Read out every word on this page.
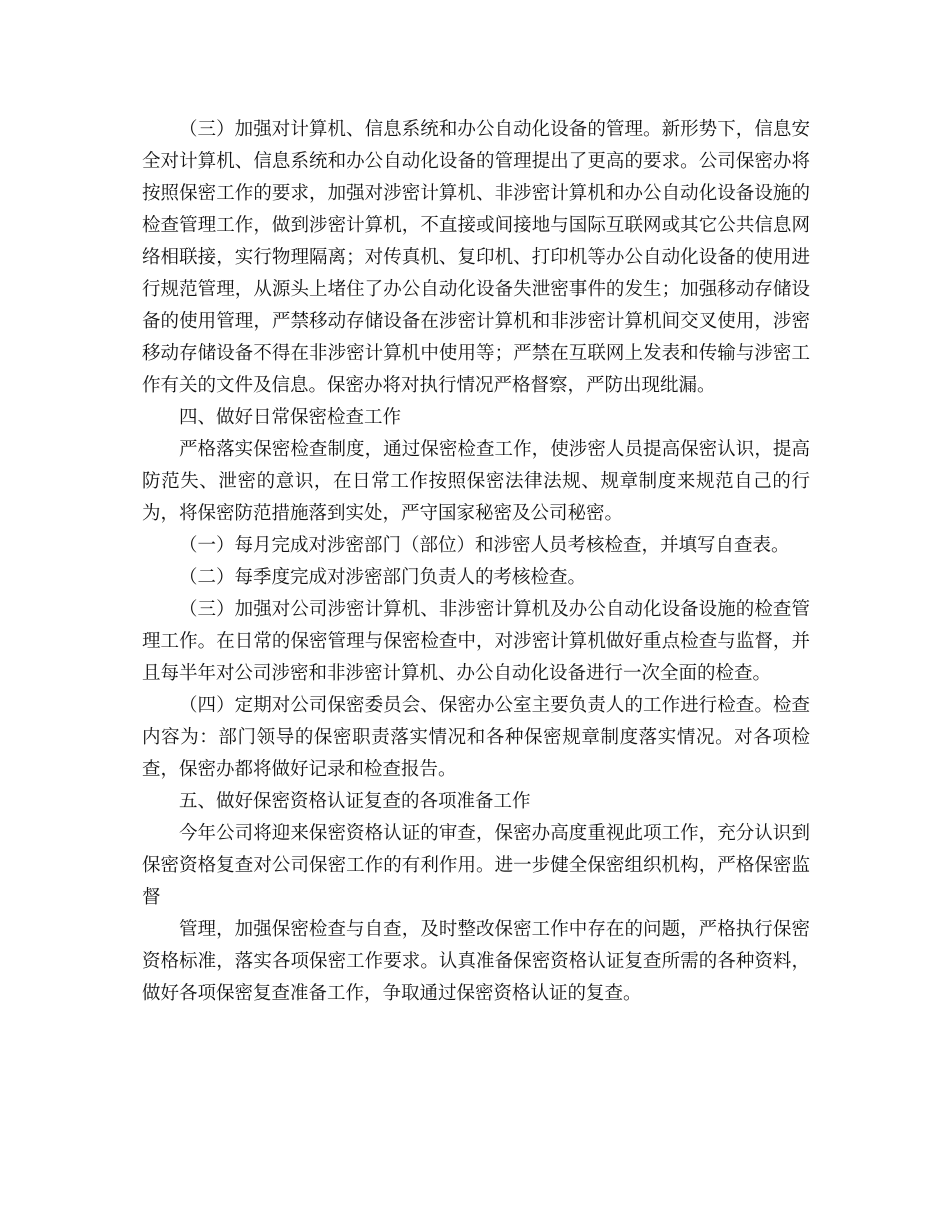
（三）加强对计算机、信息系统和办公自动化设备的管理。新形势下，信息安全对计算机、信息系统和办公自动化设备的管理提出了更高的要求。公司保密办将按照保密工作的要求，加强对涉密计算机、非涉密计算机和办公自动化设备设施的检查管理工作，做到涉密计算机，不直接或间接地与国际互联网或其它公共信息网络相联接，实行物理隔离；对传真机、复印机、打印机等办公自动化设备的使用进行规范管理，从源头上堵住了办公自动化设备失泄密事件的发生；加强移动存储设备的使用管理，严禁移动存储设备在涉密计算机和非涉密计算机间交叉使用，涉密移动存储设备不得在非涉密计算机中使用等；严禁在互联网上发表和传输与涉密工作有关的文件及信息。保密办将对执行情况严格督察，严防出现纰漏。

四、做好日常保密检查工作

严格落实保密检查制度，通过保密检查工作，使涉密人员提高保密认识，提高防范失、泄密的意识，在日常工作按照保密法律法规、规章制度来规范自己的行为，将保密防范措施落到实处，严守国家秘密及公司秘密。

（一）每月完成对涉密部门（部位）和涉密人员考核检查，并填写自查表。

（二）每季度完成对涉密部门负责人的考核检查。

（三）加强对公司涉密计算机、非涉密计算机及办公自动化设备设施的检查管理工作。在日常的保密管理与保密检查中，对涉密计算机做好重点检查与监督，并且每半年对公司涉密和非涉密计算机、办公自动化设备进行一次全面的检查。

（四）定期对公司保密委员会、保密办公室主要负责人的工作进行检查。检查内容为：部门领导的保密职责落实情况和各种保密规章制度落实情况。对各项检查，保密办都将做好记录和检查报告。

五、做好保密资格认证复查的各项准备工作

今年公司将迎来保密资格认证的审查，保密办高度重视此项工作，充分认识到保密资格复查对公司保密工作的有利作用。进一步健全保密组织机构，严格保密监督

管理，加强保密检查与自查，及时整改保密工作中存在的问题，严格执行保密资格标准，落实各项保密工作要求。认真准备保密资格认证复查所需的各种资料，做好各项保密复查准备工作，争取通过保密资格认证的复查。
